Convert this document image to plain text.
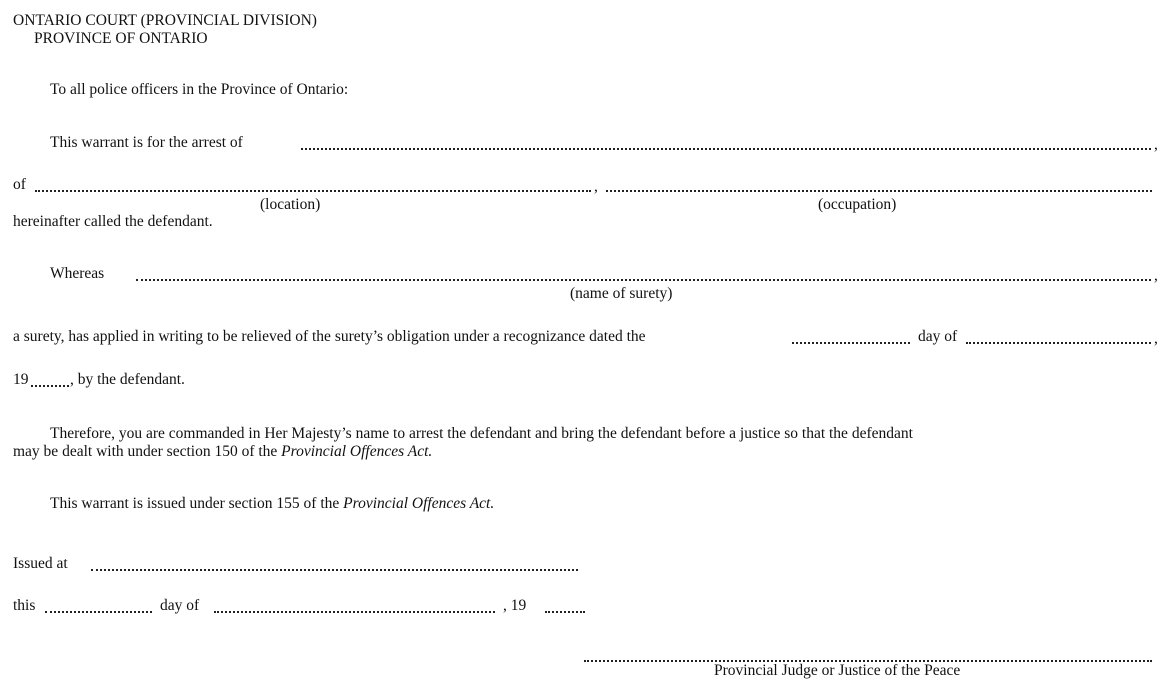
ONTARIO COURT (PROVINCIAL DIVISION)
PROVINCE OF ONTARIO
To all police officers in the Province of Ontario:
This warrant is for the arrest of	,
of	,
(location)	(occupation)
hereinafter called the defendant.
Whereas	,
(name of surety)
a surety, has applied in writing to be relieved of the surety’s obligation under a recognizance dated the	day of	,
19	, by the defendant.
Therefore, you are commanded in Her Majesty’s name to arrest the defendant and bring the defendant before a justice so that the defendant
may be dealt with under section 150 of the Provincial Offences Act.
This warrant is issued under section 155 of the Provincial Offences Act.
Issued at
this	day of	, 19
Provincial Judge or Justice of the Peace
